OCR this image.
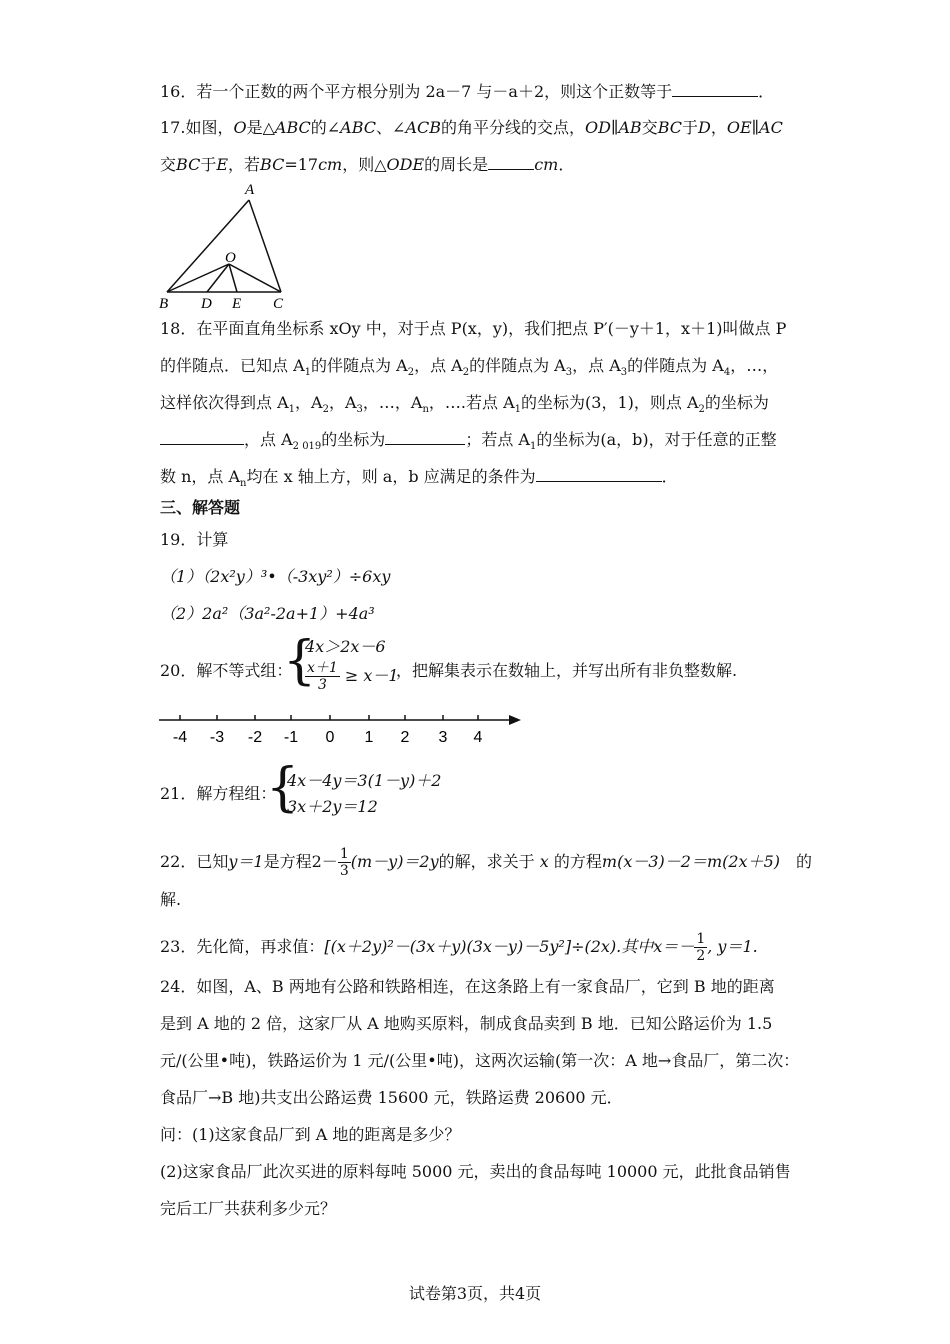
16．若一个正数的两个平方根分别为 2a－7 与－a＋2，则这个正数等于	．
17.如图，O是△ABC的∠ABC、∠ACB的角平分线的交点，OD∥AB交BC于D，OE∥AC
交BC于E，若BC=17cm，则△ODE的周长是	cm．
A
O
B D E C
18．在平面直角坐标系 xOy 中，对于点 P(x，y)，我们把点 P′(－y＋1，x＋1)叫做点 P
的伴随点．已知点 $A_1$的伴随点为 $A_2$，点 $A_2$的伴随点为 $A_3$，点 $A_3$的伴随点为 $A_4$，…，
这样依次得到点 $A_1$，$A_2$，$A_3$，…，$A_n$，….若点 $A_1$的坐标为(3，1)，则点 $A_2$的坐标为
，点 $A_{2 019}$的坐标为	；若点 $A_1$的坐标为(a，b)，对于任意的正整
数 n，点 $A_n$均在 x 轴上方，则 a，b 应满足的条件为	．
三、解答题
19．计算
（1）（2x²y）³•（-3xy²）÷6xy
（2）2a²（3a²-2a+1）+4a³
20．解不等式组：
{
4x＞2x－6
$\frac{x+1}{3} \ge x-1$
，把解集表示在数轴上，并写出所有非负整数解.
-4 -3 -2 -1 0 1 2 3 4
21．解方程组：
{
4x－4y＝3(1－y)＋2
3x＋2y＝12
22．已知y＝1是方程$2- \frac{1}{3} (m-y)=2y$的解，求关于 x 的方程m(x－3)－2＝m(2x＋5)　 的
解.
23．先化简，再求值：[(x＋2y)²－(3x＋y)(3x－y)－5y²]÷(2x).其中$x=- \frac{1}{2}$ , y＝1.
24．如图，A、B 两地有公路和铁路相连，在这条路上有一家食品厂，它到 B 地的距离
是到 A 地的 2 倍，这家厂从 A 地购买原料，制成食品卖到 B 地．已知公路运价为 1.5
元/(公里•吨)，铁路运价为 1 元/(公里•吨)，这两次运输(第一次：A 地→食品厂，第二次：
食品厂→B 地)共支出公路运费 15600 元，铁路运费 20600 元．
问：(1)这家食品厂到 A 地的距离是多少？
(2)这家食品厂此次买进的原料每吨 5000 元，卖出的食品每吨 10000 元，此批食品销售
完后工厂共获利多少元？
试卷第3页，共4页
